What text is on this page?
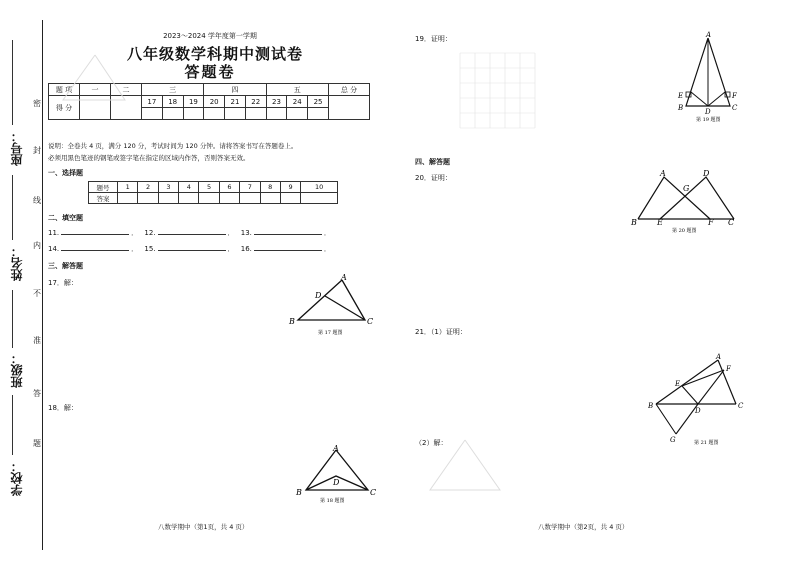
座号：
姓名：
班级：
学校：
密
封
线
内
不
准
答
题
2023～2024 学年度第一学期
八年级数学科期中测试卷
答题卷
题 项	一	二	三			四			五			总 分
得 分			17	18	19	20	21	22	23	24	25	

说明：全卷共 4 页，满分 120 分，考试时间为 120 分钟。请将答案书写在答题卷上。
必须用黑色笔迹的钢笔或签字笔在指定的区域内作答，否则答案无效。
一、选择题
题号	1	2	3	4	5	6	7	8	9	10
答案										
二、填空题
11.	． 12.	． 13.	．
14.	． 15.	． 16.	．
三、解答题
17．解：
18．解：
A
B	C
D
第 17 题图
A
B	C
D
第 18 题图
19．证明：	A
B	C
D
E	F
第 19 题图
四、解答题
20．证明：	A
B	C
D
E	F
G
第 20 题图
21．（1）证明：
（2）解：
A
B	C
D
E
F
G	第 21 题图
八数学期中（第1页，共 4 页）	八数学期中（第2页，共 4 页）
